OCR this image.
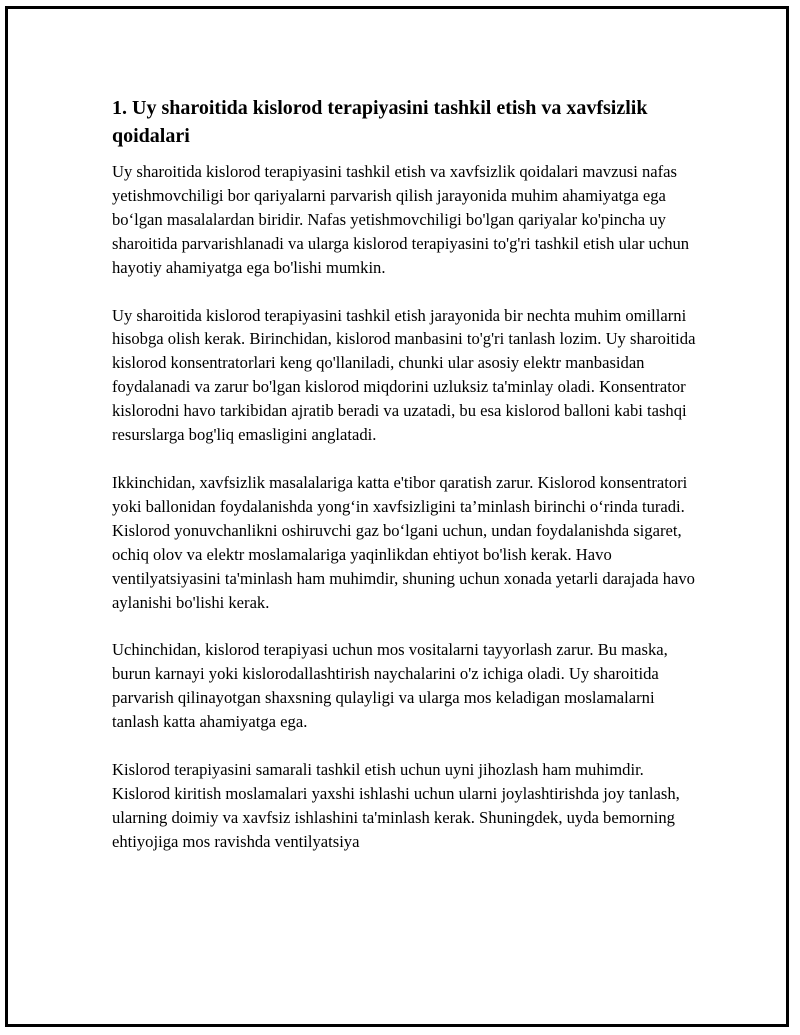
1. Uy sharoitida kislorod terapiyasini tashkil etish va xavfsizlik qoidalari

Uy sharoitida kislorod terapiyasini tashkil etish va xavfsizlik qoidalari mavzusi nafas yetishmovchiligi bor qariyalarni parvarish qilish jarayonida muhim ahamiyatga ega bo‘lgan masalalardan biridir. Nafas yetishmovchiligi bo'lgan qariyalar ko'pincha uy sharoitida parvarishlanadi va ularga kislorod terapiyasini to'g'ri tashkil etish ular uchun hayotiy ahamiyatga ega bo'lishi mumkin.

Uy sharoitida kislorod terapiyasini tashkil etish jarayonida bir nechta muhim omillarni hisobga olish kerak. Birinchidan, kislorod manbasini to'g'ri tanlash lozim. Uy sharoitida kislorod konsentratorlari keng qo'llaniladi, chunki ular asosiy elektr manbasidan foydalanadi va zarur bo'lgan kislorod miqdorini uzluksiz ta'minlay oladi. Konsentrator kislorodni havo tarkibidan ajratib beradi va uzatadi, bu esa kislorod balloni kabi tashqi resurslarga bog'liq emasligini anglatadi.

Ikkinchidan, xavfsizlik masalalariga katta e'tibor qaratish zarur. Kislorod konsentratori yoki ballonidan foydalanishda yong‘in xavfsizligini ta’minlash birinchi o‘rinda turadi. Kislorod yonuvchanlikni oshiruvchi gaz bo‘lgani uchun, undan foydalanishda sigaret, ochiq olov va elektr moslamalariga yaqinlikdan ehtiyot bo'lish kerak. Havo ventilyatsiyasini ta'minlash ham muhimdir, shuning uchun xonada yetarli darajada havo aylanishi bo'lishi kerak.

Uchinchidan, kislorod terapiyasi uchun mos vositalarni tayyorlash zarur. Bu maska, burun karnayi yoki kislorodallashtirish naychalarini o'z ichiga oladi. Uy sharoitida parvarish qilinayotgan shaxsning qulayligi va ularga mos keladigan moslamalarni tanlash katta ahamiyatga ega.

Kislorod terapiyasini samarali tashkil etish uchun uyni jihozlash ham muhimdir. Kislorod kiritish moslamalari yaxshi ishlashi uchun ularni joylashtirishda joy tanlash, ularning doimiy va xavfsiz ishlashini ta'minlash kerak. Shuningdek, uyda bemorning ehtiyojiga mos ravishda ventilyatsiya
